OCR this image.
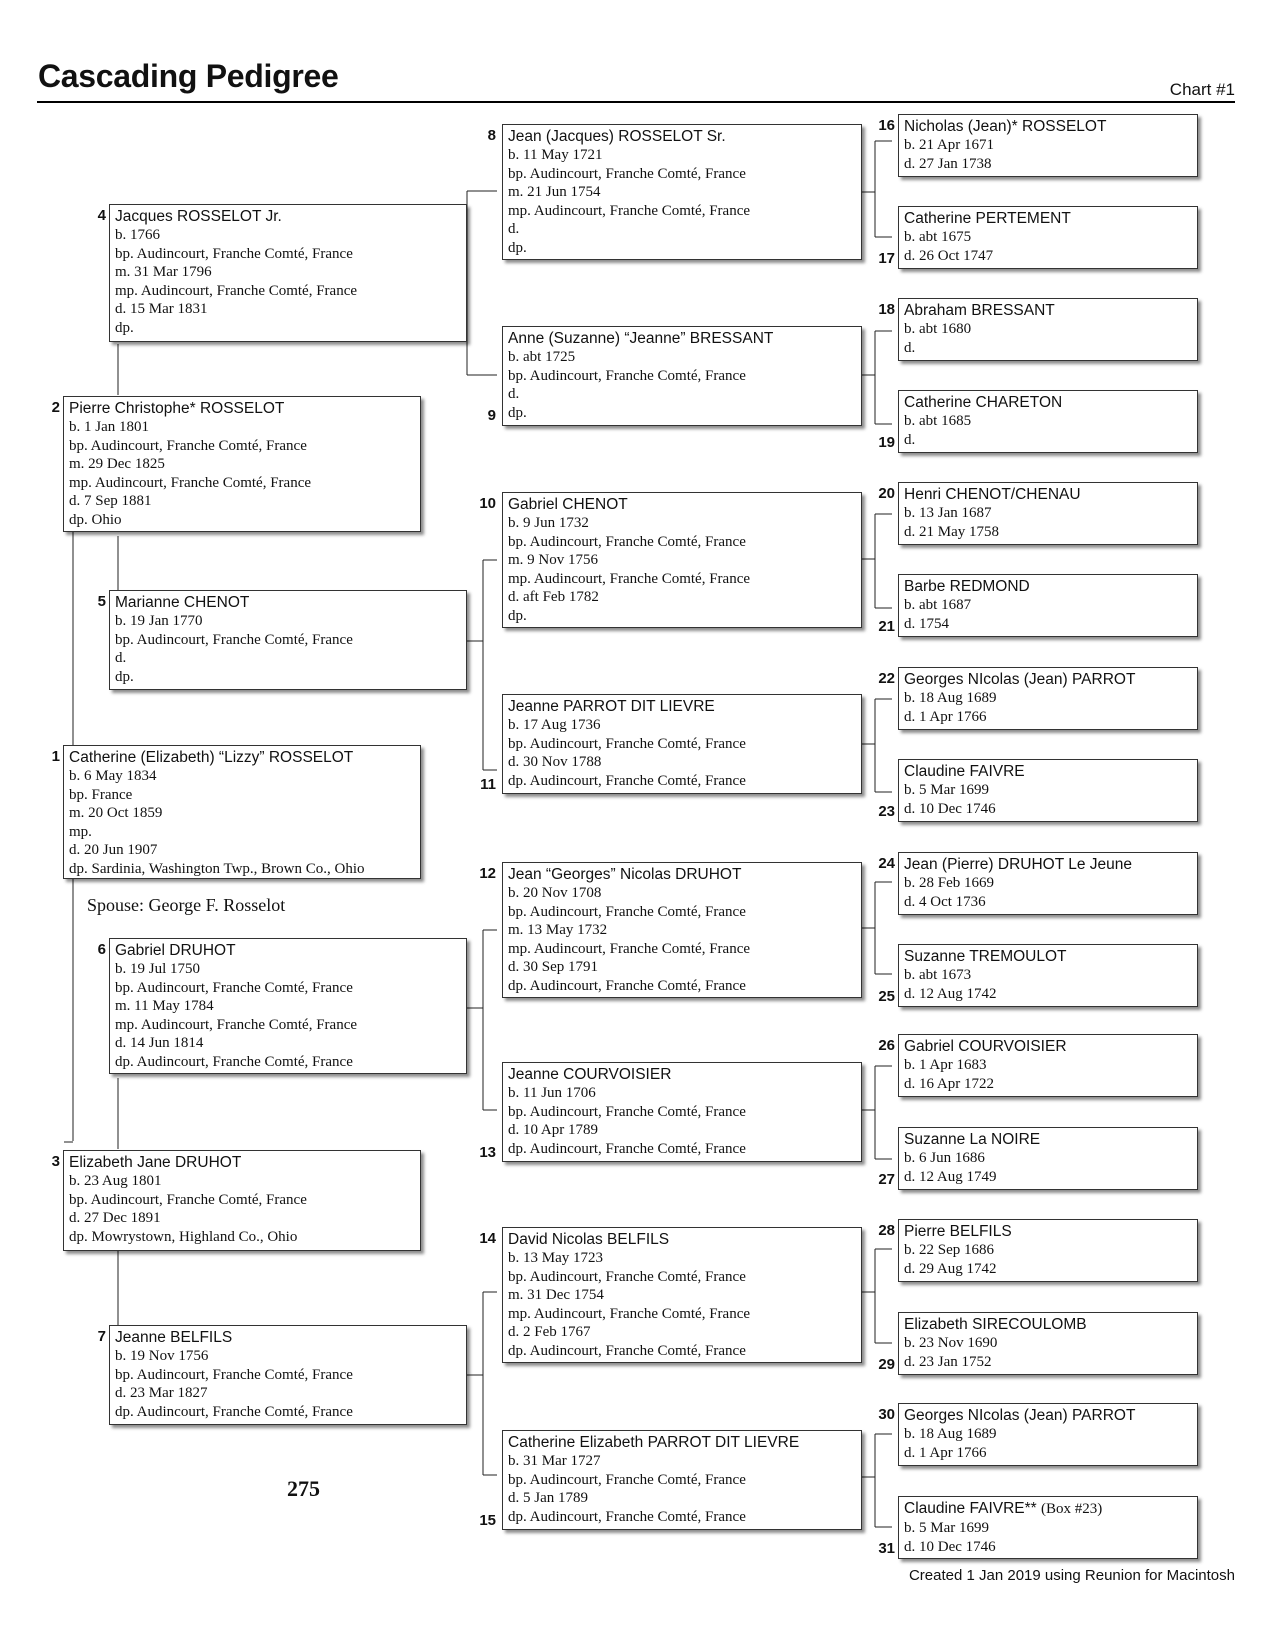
Cascading Pedigree	Chart #1
1 Catherine (Elizabeth) “Lizzy” ROSSELOT
b. 6 May 1834
bp. France
m. 20 Oct 1859
mp.
d. 20 Jun 1907
dp. Sardinia, Washington Twp., Brown Co., Ohio
Spouse: George F. Rosselot
2 Pierre Christophe* ROSSELOT
b. 1 Jan 1801
bp. Audincourt, Franche Comté, France
m. 29 Dec 1825
mp. Audincourt, Franche Comté, France
d. 7 Sep 1881
dp. Ohio
3 Elizabeth Jane DRUHOT
b. 23 Aug 1801
bp. Audincourt, Franche Comté, France
d. 27 Dec 1891
dp. Mowrystown, Highland Co., Ohio
4 Jacques ROSSELOT Jr.
b. 1766
bp. Audincourt, Franche Comté, France
m. 31 Mar 1796
mp. Audincourt, Franche Comté, France
d. 15 Mar 1831
dp.
5 Marianne CHENOT
b. 19 Jan 1770
bp. Audincourt, Franche Comté, France
d.
dp.
6 Gabriel DRUHOT
b. 19 Jul 1750
bp. Audincourt, Franche Comté, France
m. 11 May 1784
mp. Audincourt, Franche Comté, France
d. 14 Jun 1814
dp. Audincourt, Franche Comté, France
7 Jeanne BELFILS
b. 19 Nov 1756
bp. Audincourt, Franche Comté, France
d. 23 Mar 1827
dp. Audincourt, Franche Comté, France
8 Jean (Jacques) ROSSELOT Sr.
b. 11 May 1721
bp. Audincourt, Franche Comté, France
m. 21 Jun 1754
mp. Audincourt, Franche Comté, France
d.
dp.
9
Anne (Suzanne) “Jeanne” BRESSANT
b. abt 1725
bp. Audincourt, Franche Comté, France
d.
dp.
10 Gabriel CHENOT
b. 9 Jun 1732
bp. Audincourt, Franche Comté, France
m. 9 Nov 1756
mp. Audincourt, Franche Comté, France
d. aft Feb 1782
dp.
11
Jeanne PARROT DIT LIEVRE
b. 17 Aug 1736
bp. Audincourt, Franche Comté, France
d. 30 Nov 1788
dp. Audincourt, Franche Comté, France
12 Jean “Georges” Nicolas DRUHOT
b. 20 Nov 1708
bp. Audincourt, Franche Comté, France
m. 13 May 1732
mp. Audincourt, Franche Comté, France
d. 30 Sep 1791
dp. Audincourt, Franche Comté, France
13
Jeanne COURVOISIER
b. 11 Jun 1706
bp. Audincourt, Franche Comté, France
d. 10 Apr 1789
dp. Audincourt, Franche Comté, France
14 David Nicolas BELFILS
b. 13 May 1723
bp. Audincourt, Franche Comté, France
m. 31 Dec 1754
mp. Audincourt, Franche Comté, France
d. 2 Feb 1767
dp. Audincourt, Franche Comté, France
15
Catherine Elizabeth PARROT DIT LIEVRE
b. 31 Mar 1727
bp. Audincourt, Franche Comté, France
d. 5 Jan 1789
dp. Audincourt, Franche Comté, France
16 Nicholas (Jean)* ROSSELOT
b. 21 Apr 1671
d. 27 Jan 1738
17
Catherine PERTEMENT
b. abt 1675
d. 26 Oct 1747
18 Abraham BRESSANT
b. abt 1680
d.
19
Catherine CHARETON
b. abt 1685
d.
20 Henri CHENOT/CHENAU
b. 13 Jan 1687
d. 21 May 1758
21
Barbe REDMOND
b. abt 1687
d. 1754
22 Georges NIcolas (Jean) PARROT
b. 18 Aug 1689
d. 1 Apr 1766
23
Claudine FAIVRE
b. 5 Mar 1699
d. 10 Dec 1746
24 Jean (Pierre) DRUHOT Le Jeune
b. 28 Feb 1669
d. 4 Oct 1736
25
Suzanne TREMOULOT
b. abt 1673
d. 12 Aug 1742
26 Gabriel COURVOISIER
b. 1 Apr 1683
d. 16 Apr 1722
27
Suzanne La NOIRE
b. 6 Jun 1686
d. 12 Aug 1749
28 Pierre BELFILS
b. 22 Sep 1686
d. 29 Aug 1742
29
Elizabeth SIRECOULOMB
b. 23 Nov 1690
d. 23 Jan 1752
30 Georges NIcolas (Jean) PARROT
b. 18 Aug 1689
d. 1 Apr 1766
31
Claudine FAIVRE** (Box #23)
b. 5 Mar 1699
d. 10 Dec 1746
275
Created 1 Jan 2019 using Reunion for Macintosh
